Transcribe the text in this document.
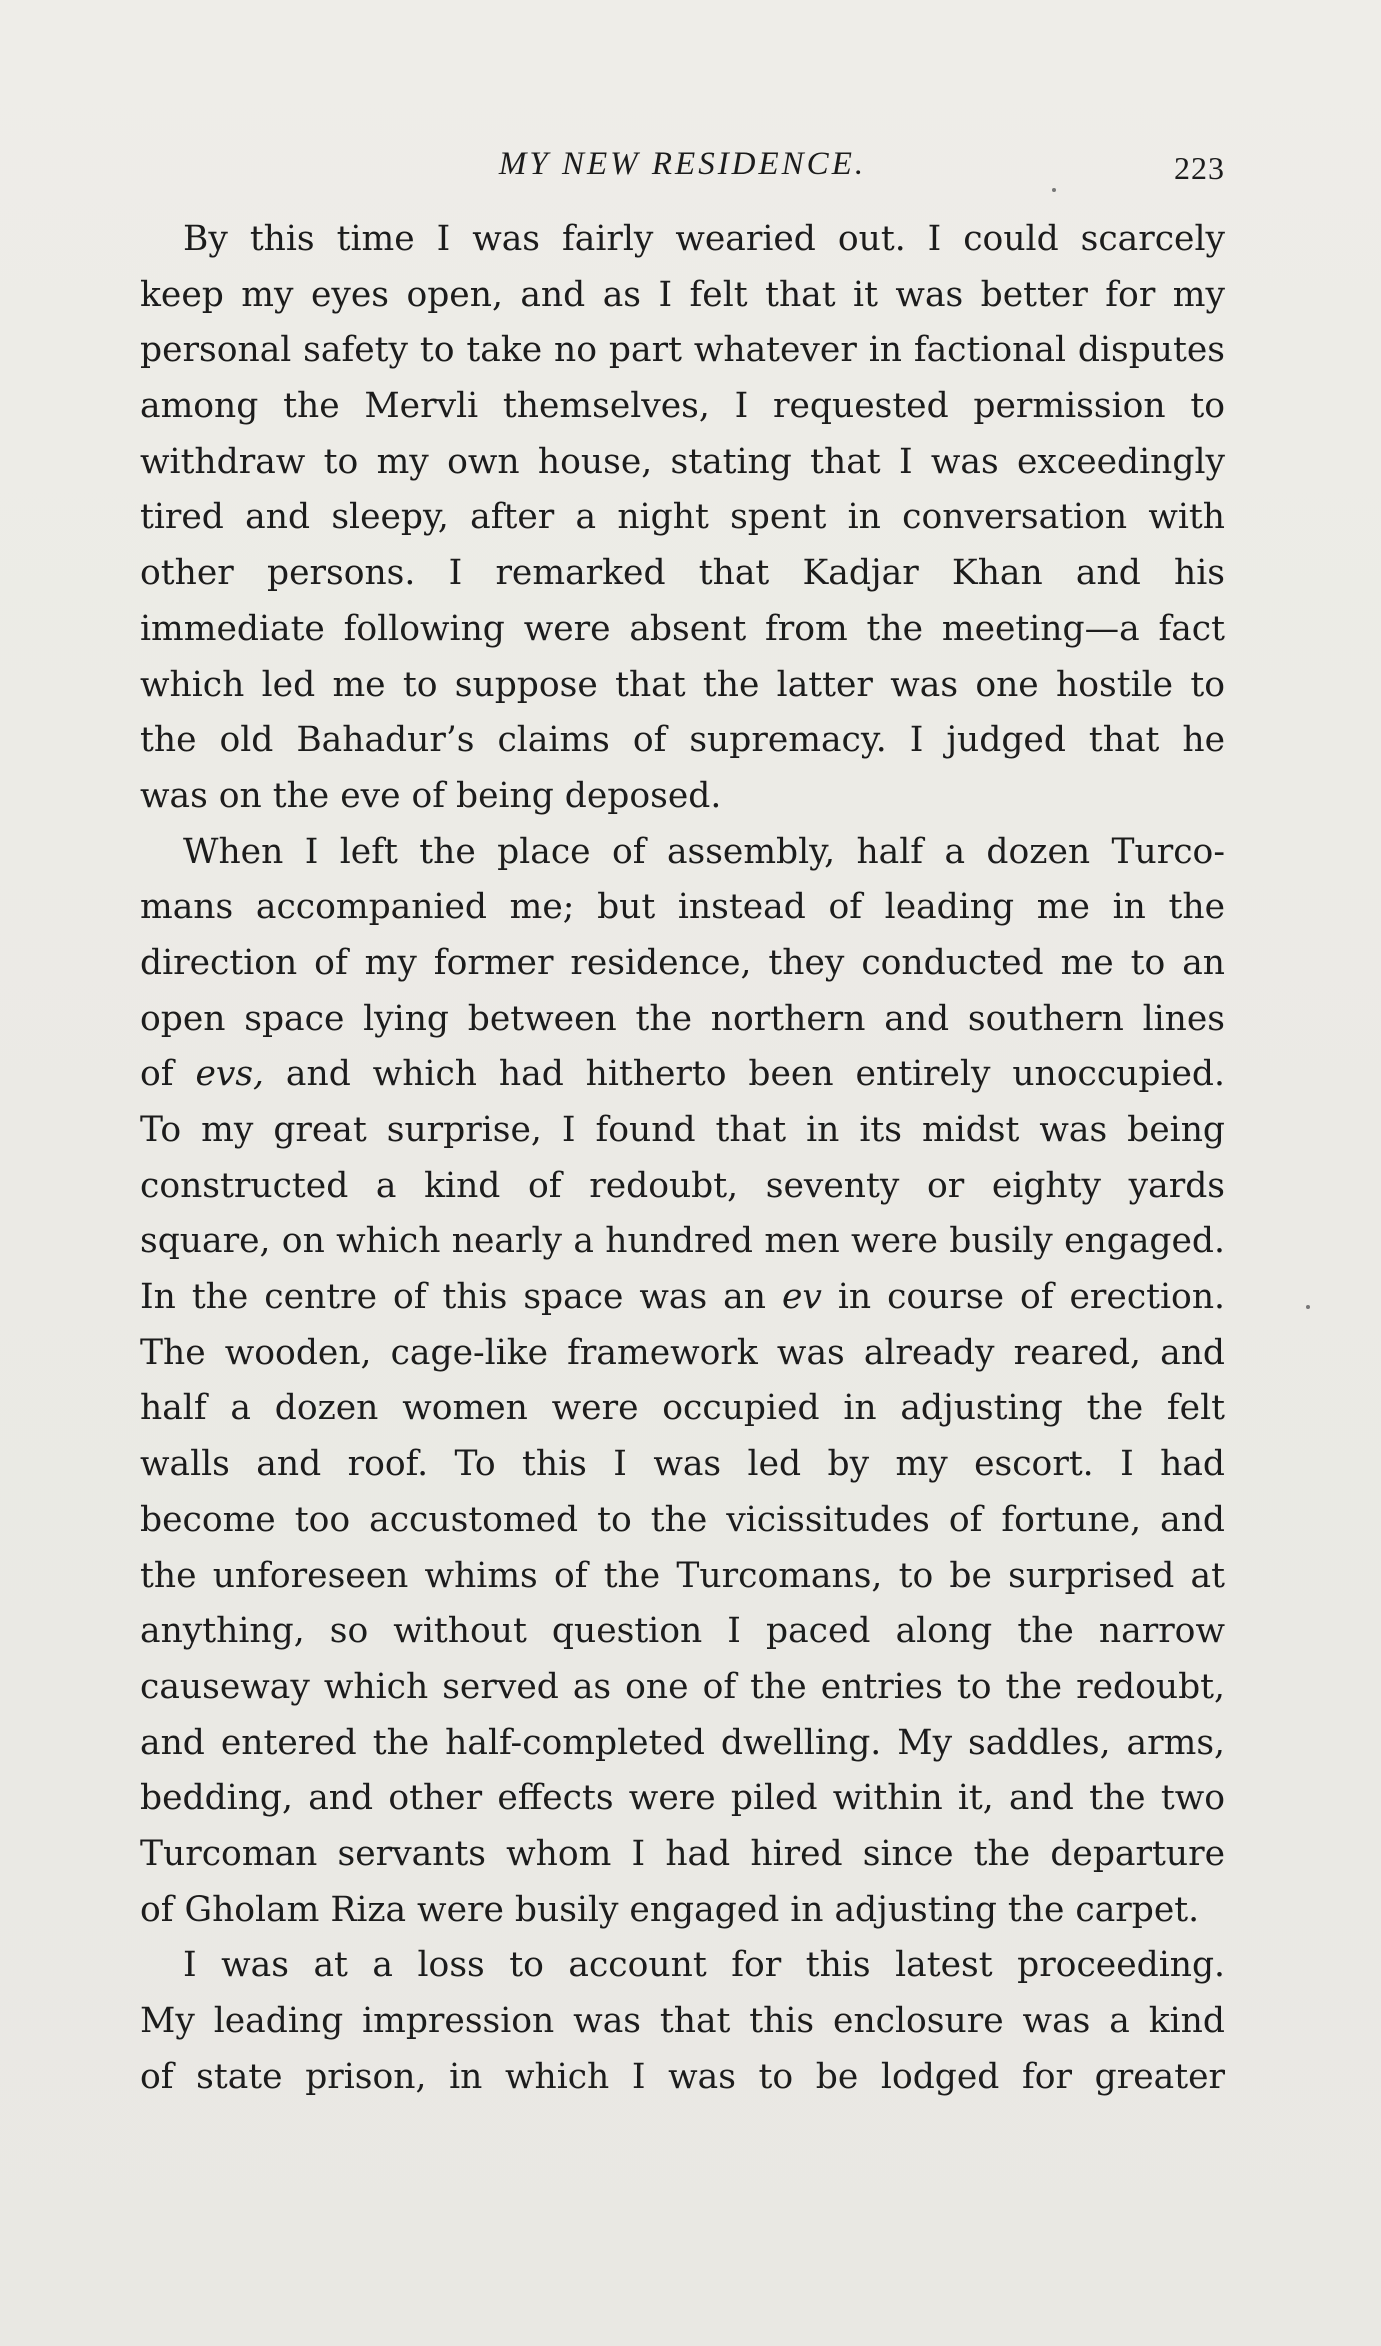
MY NEW RESIDENCE.	223
By this time I was fairly wearied out. I could scarcely
keep my eyes open, and as I felt that it was better for my
personal safety to take no part whatever in factional disputes
among the Mervli themselves, I requested permission to
withdraw to my own house, stating that I was exceedingly
tired and sleepy, after a night spent in conversation with
other persons. I remarked that Kadjar Khan and his
immediate following were absent from the meeting—a fact
which led me to suppose that the latter was one hostile to
the old Bahadur’s claims of supremacy. I judged that he
was on the eve of being deposed.
When I left the place of assembly, half a dozen Turco-
mans accompanied me; but instead of leading me in the
direction of my former residence, they conducted me to an
open space lying between the northern and southern lines
of evs, and which had hitherto been entirely unoccupied.
To my great surprise, I found that in its midst was being
constructed a kind of redoubt, seventy or eighty yards
square, on which nearly a hundred men were busily engaged.
In the centre of this space was an ev in course of erection.
The wooden, cage-like framework was already reared, and
half a dozen women were occupied in adjusting the felt
walls and roof. To this I was led by my escort. I had
become too accustomed to the vicissitudes of fortune, and
the unforeseen whims of the Turcomans, to be surprised at
anything, so without question I paced along the narrow
causeway which served as one of the entries to the redoubt,
and entered the half-completed dwelling. My saddles, arms,
bedding, and other effects were piled within it, and the two
Turcoman servants whom I had hired since the departure
of Gholam Riza were busily engaged in adjusting the carpet.
I was at a loss to account for this latest proceeding.
My leading impression was that this enclosure was a kind
of state prison, in which I was to be lodged for greater
